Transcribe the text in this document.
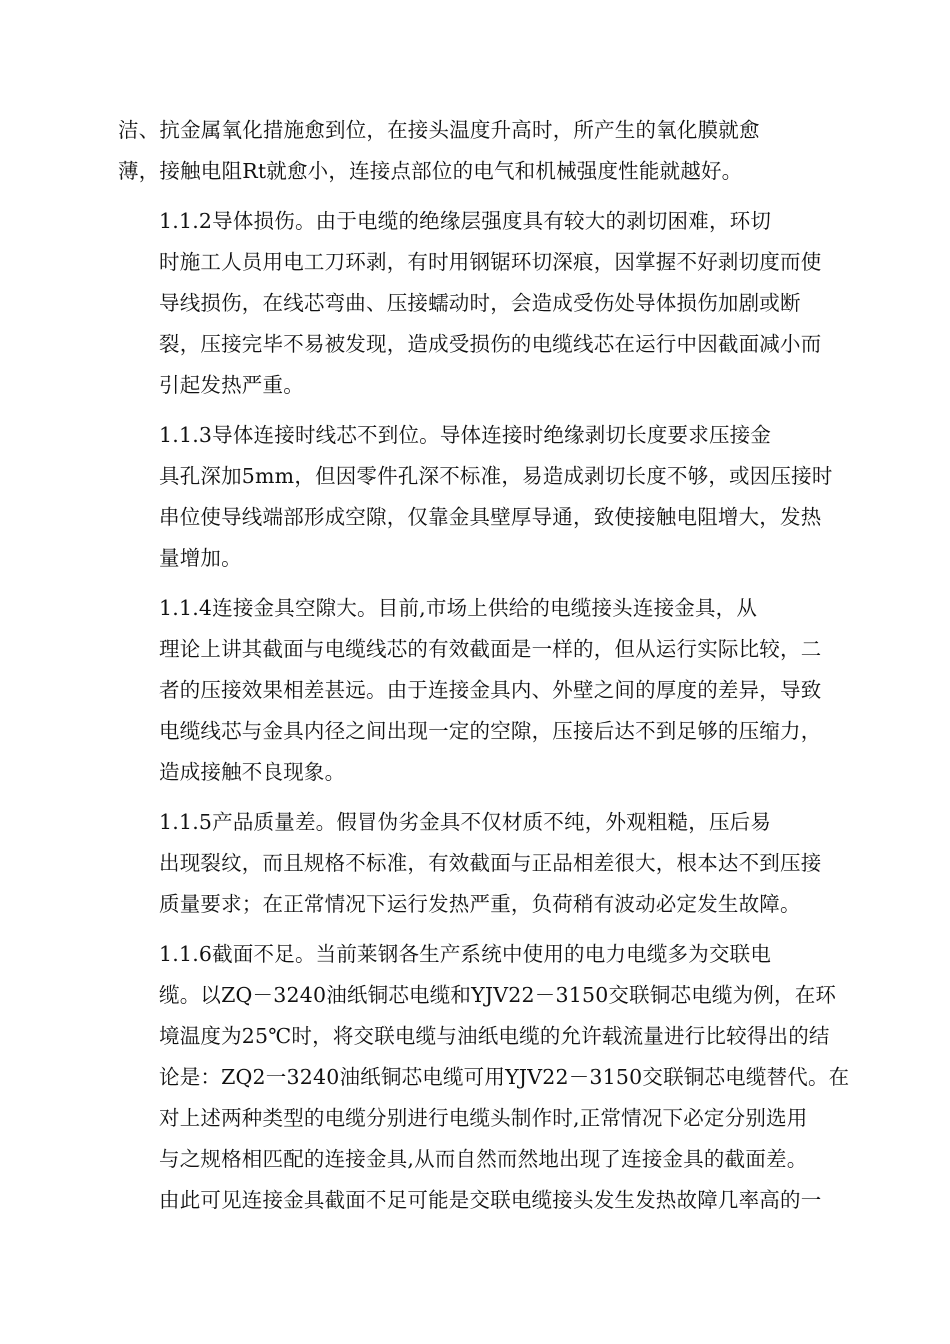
洁、抗金属氧化措施愈到位，在接头温度升高时，所产生的氧化膜就愈
薄，接触电阻Rt就愈小，连接点部位的电气和机械强度性能就越好。

1.1.2导体损伤。由于电缆的绝缘层强度具有较大的剥切困难，环切
时施工人员用电工刀环剥，有时用钢锯环切深痕，因掌握不好剥切度而使
导线损伤，在线芯弯曲、压接蠕动时，会造成受伤处导体损伤加剧或断
裂，压接完毕不易被发现，造成受损伤的电缆线芯在运行中因截面减小而
引起发热严重。

1.1.3导体连接时线芯不到位。导体连接时绝缘剥切长度要求压接金
具孔深加5mm，但因零件孔深不标准，易造成剥切长度不够，或因压接时
串位使导线端部形成空隙，仅靠金具壁厚导通，致使接触电阻增大，发热
量增加。

1.1.4连接金具空隙大。目前,市场上供给的电缆接头连接金具，从
理论上讲其截面与电缆线芯的有效截面是一样的，但从运行实际比较，二
者的压接效果相差甚远。由于连接金具内、外壁之间的厚度的差异，导致
电缆线芯与金具内径之间出现一定的空隙，压接后达不到足够的压缩力，
造成接触不良现象。

1.1.5产品质量差。假冒伪劣金具不仅材质不纯，外观粗糙，压后易
出现裂纹，而且规格不标准，有效截面与正品相差很大，根本达不到压接
质量要求；在正常情况下运行发热严重，负荷稍有波动必定发生故障。

1.1.6截面不足。当前莱钢各生产系统中使用的电力电缆多为交联电
缆。以ZQ－3240油纸铜芯电缆和YJV22－3150交联铜芯电缆为例，在环
境温度为25℃时，将交联电缆与油纸电缆的允许载流量进行比较得出的结
论是：ZQ2一3240油纸铜芯电缆可用YJV22－3150交联铜芯电缆替代。在
对上述两种类型的电缆分别进行电缆头制作时,正常情况下必定分别选用
与之规格相匹配的连接金具,从而自然而然地出现了连接金具的截面差。
由此可见连接金具截面不足可能是交联电缆接头发生发热故障几率高的一
